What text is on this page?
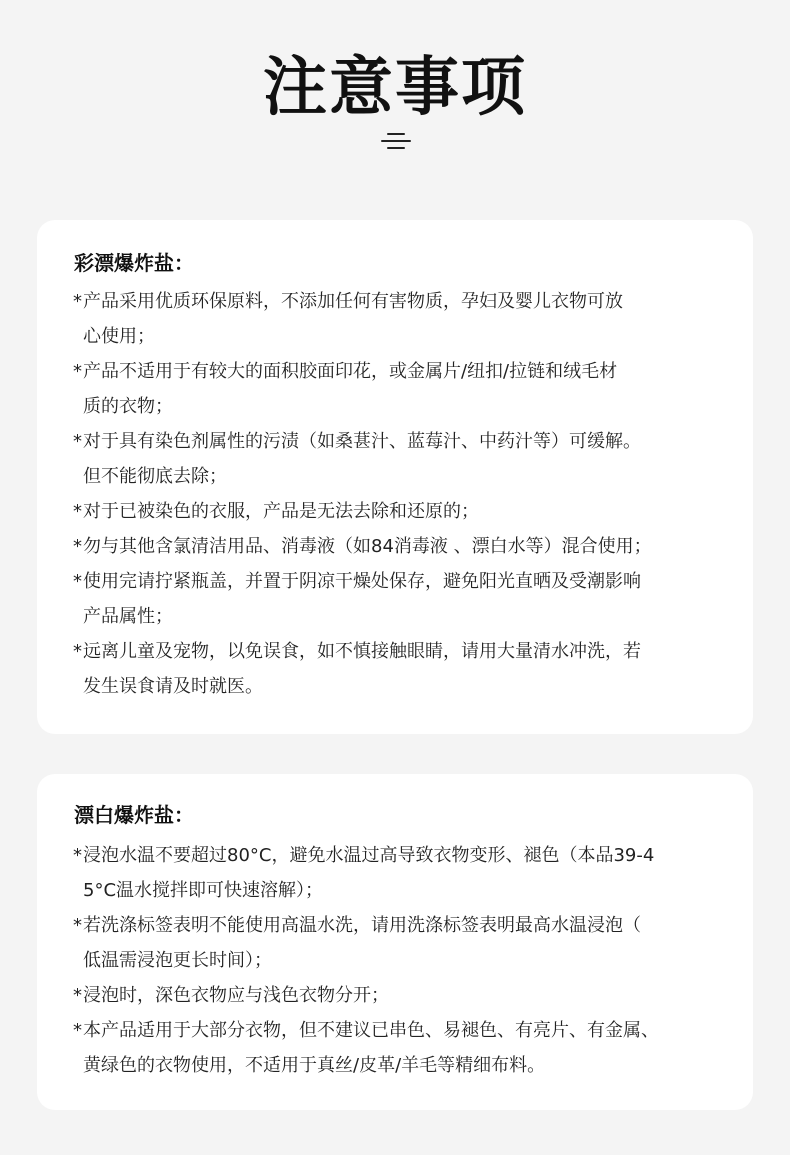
注意事项
彩漂爆炸盐：
* 产品采用优质环保原料，不添加任何有害物质，孕妇及婴儿衣物可放
心使用；
* 产品不适用于有较大的面积胶面印花，或金属片/纽扣/拉链和绒毛材
质的衣物；
* 对于具有染色剂属性的污渍（如桑葚汁、蓝莓汁、中药汁等）可缓解。
但不能彻底去除；
* 对于已被染色的衣服，产品是无法去除和还原的；
* 勿与其他含氯清洁用品、消毒液（如84消毒液 、漂白水等）混合使用；
* 使用完请拧紧瓶盖，并置于阴凉干燥处保存，避免阳光直晒及受潮影响
产品属性；
* 远离儿童及宠物，以免误食，如不慎接触眼睛，请用大量清水冲洗，若
发生误食请及时就医。
漂白爆炸盐：
* 浸泡水温不要超过80°C，避免水温过高导致衣物变形、褪色（本品39-4
5°C温水搅拌即可快速溶解）；
* 若洗涤标签表明不能使用高温水洗，请用洗涤标签表明最高水温浸泡（
低温需浸泡更长时间）；
* 浸泡时，深色衣物应与浅色衣物分开；
* 本产品适用于大部分衣物，但不建议已串色、易褪色、有亮片、有金属、
黄绿色的衣物使用，不适用于真丝/皮革/羊毛等精细布料。
